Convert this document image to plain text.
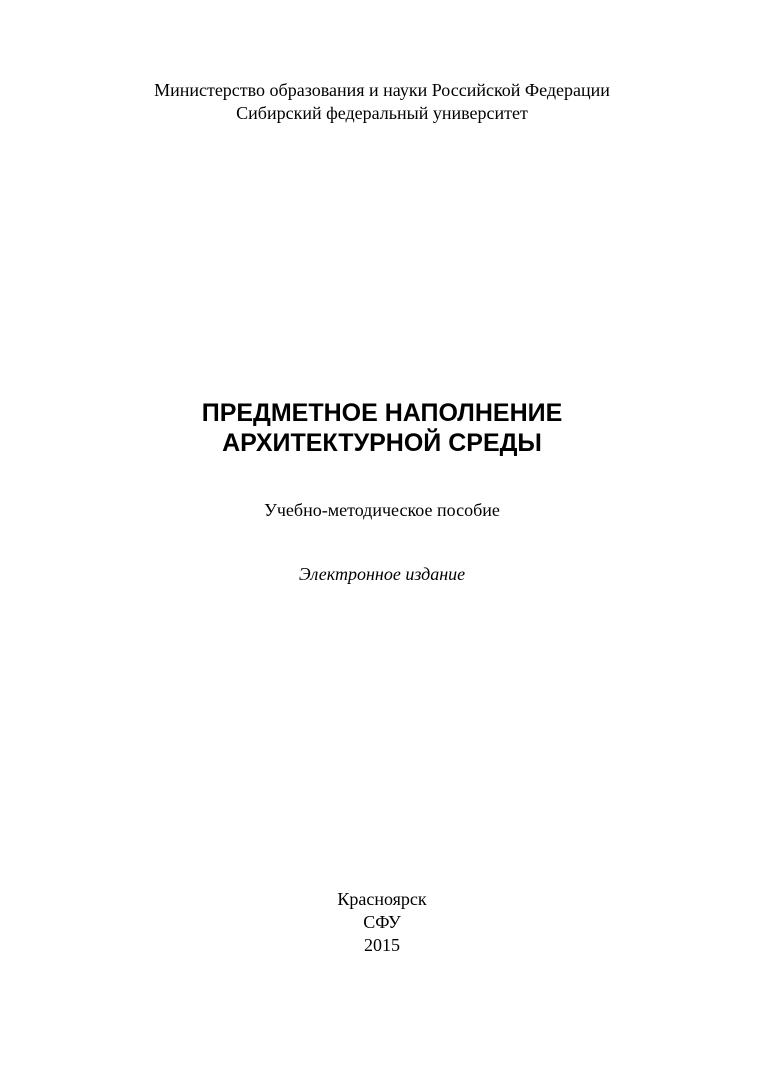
Министерство образования и науки Российской Федерации
Сибирский федеральный университет
ПРЕДМЕТНОЕ НАПОЛНЕНИЕ
АРХИТЕКТУРНОЙ СРЕДЫ
Учебно-методическое пособие
Электронное издание
Красноярск
СФУ
2015
